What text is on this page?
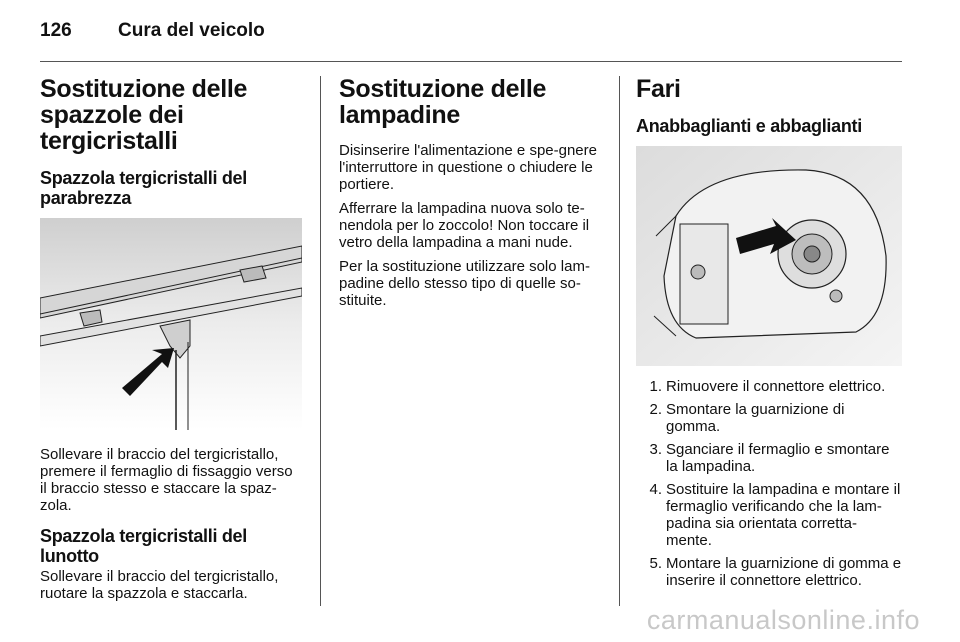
126 Cura del veicolo
Sostituzione delle spazzole dei tergicristalli
Spazzola tergicristalli del parabrezza

Sollevare il braccio del tergicristallo, premere il fermaglio di fissaggio verso il braccio stesso e staccare la spaz-zola.

Spazzola tergicristalli del lunotto

Sollevare il braccio del tergicristallo, ruotare la spazzola e staccarla.

Sostituzione delle lampadine

Disinserire l'alimentazione e spe-gnere l'interruttore in questione o chiudere le portiere.

Afferrare la lampadina nuova solo te-nendola per lo zoccolo! Non toccare il vetro della lampadina a mani nude.

Per la sostituzione utilizzare solo lam-padine dello stesso tipo di quelle so-stituite.

Fari
Anabbaglianti e abbaglianti
1. Rimuovere il connettore elettrico.
2. Smontare la guarnizione di gomma.
3. Sganciare il fermaglio e smontare la lampadina.
4. Sostituire la lampadina e montare il fermaglio verificando che la lam-padina sia orientata corretta-mente.
5. Montare la guarnizione di gomma e inserire il connettore elettrico.
carmanualsonline.info
